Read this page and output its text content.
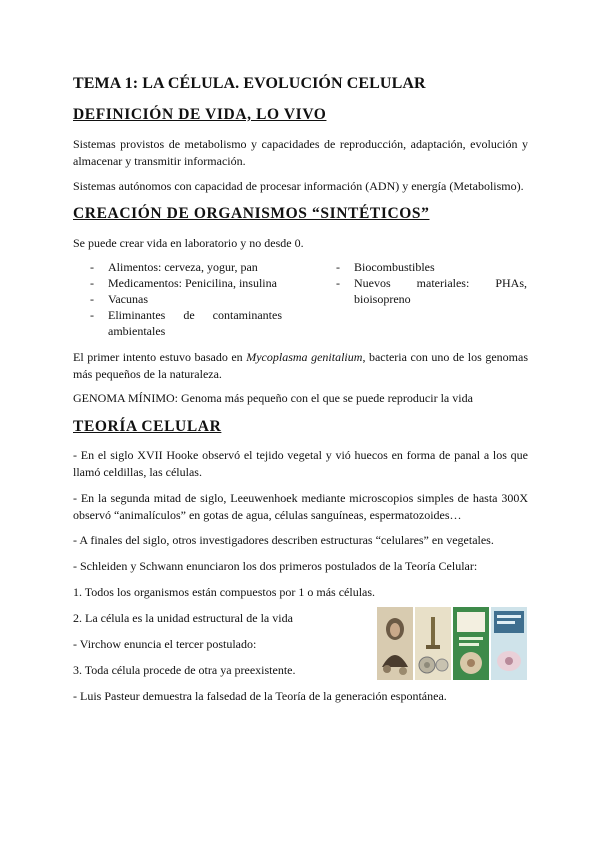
TEMA 1: LA CÉLULA. EVOLUCIÓN CELULAR
DEFINICIÓN DE VIDA, LO VIVO
Sistemas provistos de metabolismo y capacidades de reproducción, adaptación, evolución y almacenar y transmitir información.
Sistemas autónomos con capacidad de procesar información (ADN) y energía (Metabolismo).
CREACIÓN DE ORGANISMOS “SINTÉTICOS”
Se puede crear vida en laboratorio y no desde 0.
- Alimentos: cerveza, yogur, pan
- Medicamentos: Penicilina, insulina
- Vacunas
- Eliminantes de contaminantes ambientales
- Biocombustibles
- Nuevos materiales: PHAs, bioisopreno
El primer intento estuvo basado en Mycoplasma genitalium, bacteria con uno de los genomas más pequeños de la naturaleza.
GENOMA MÍNIMO: Genoma más pequeño con el que se puede reproducir la vida
TEORÍA CELULAR
- En el siglo XVII Hooke observó el tejido vegetal y vió huecos en forma de panal a los que llamó celdillas, las células.
- En la segunda mitad de siglo, Leeuwenhoek mediante microscopios simples de hasta 300X observó “animalículos” en gotas de agua, células sanguíneas, espermatozoides…
- A finales del siglo, otros investigadores describen estructuras “celulares” en vegetales.
- Schleiden y Schwann enunciaron los dos primeros postulados de la Teoría Celular:
1. Todos los organismos están compuestos por 1 o más células.
2. La célula es la unidad estructural de la vida
- Virchow enuncia el tercer postulado:
3. Toda célula procede de otra ya preexistente.
- Luis Pasteur demuestra la falsedad de la Teoría de la generación espontánea.
